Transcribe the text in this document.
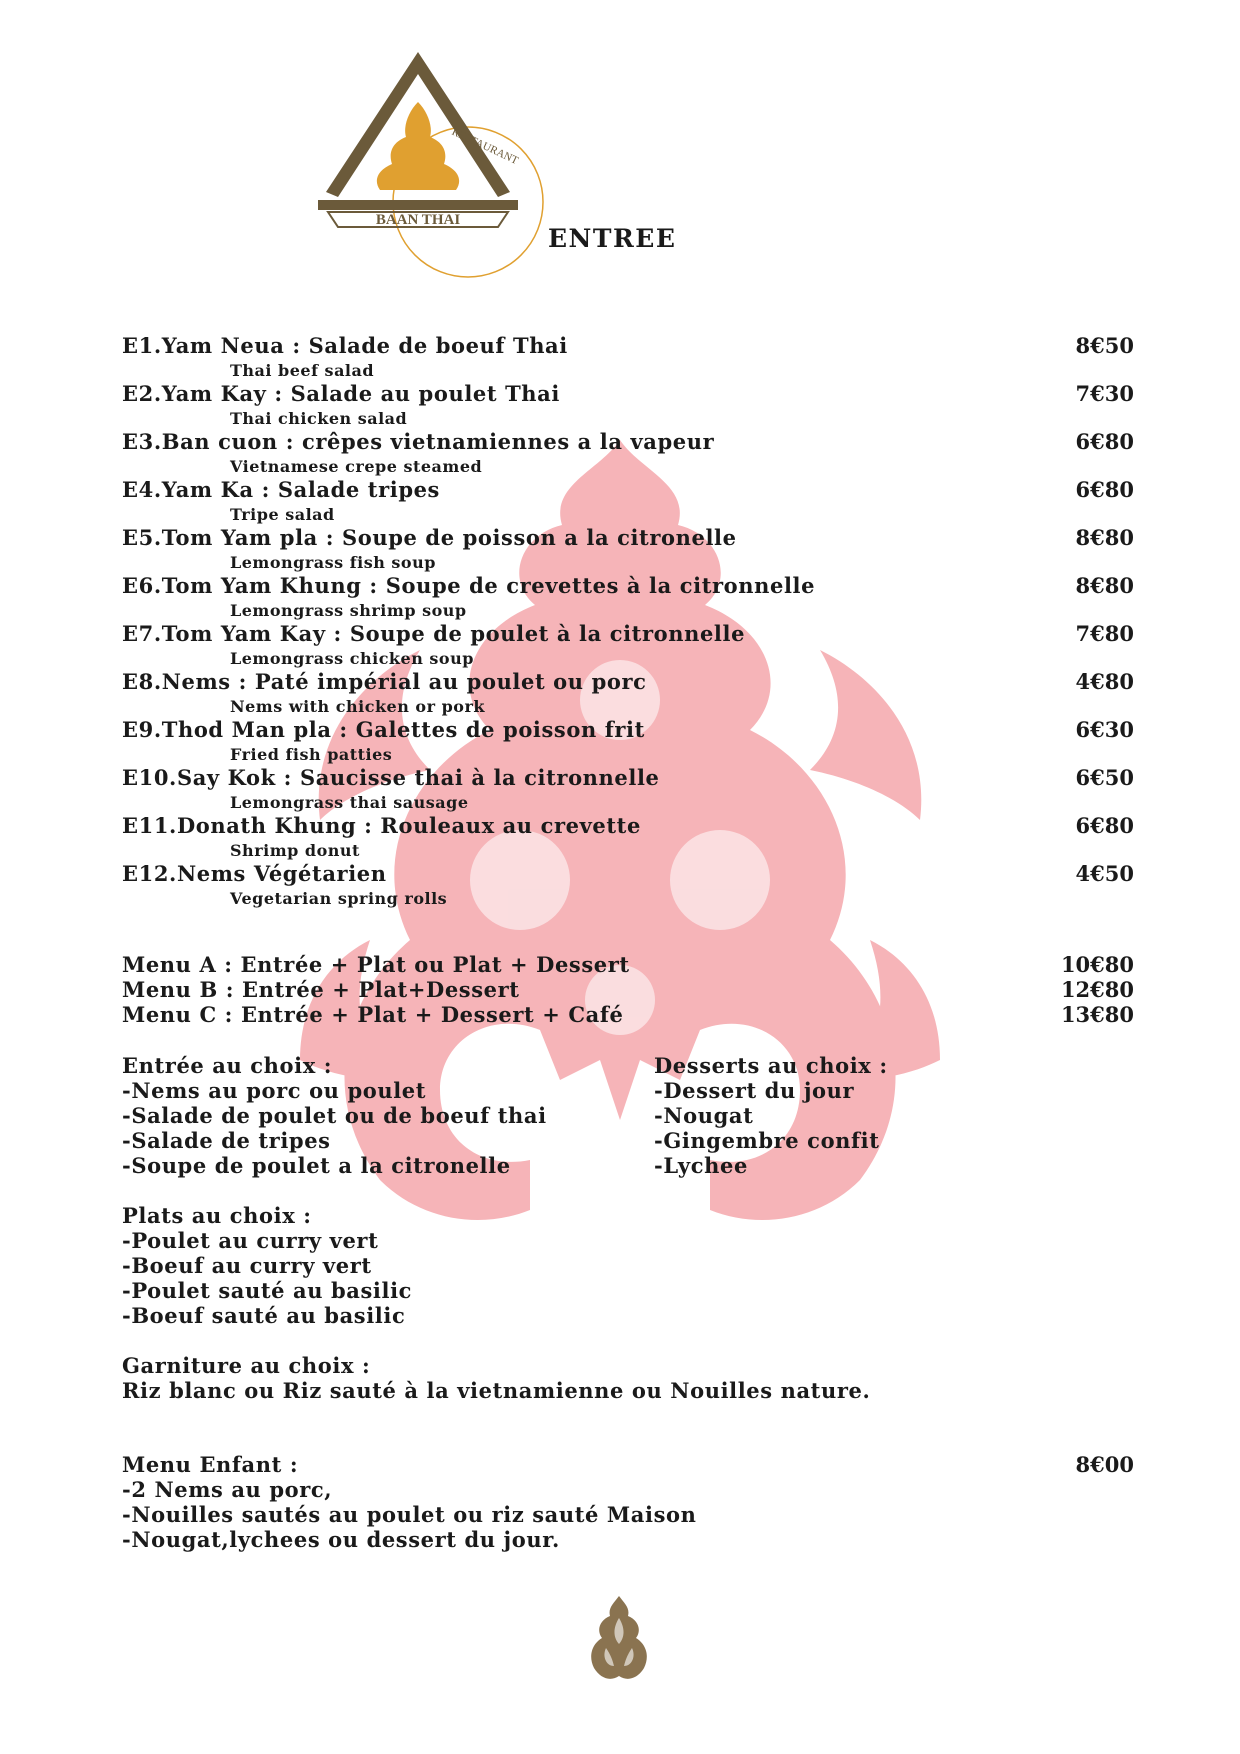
BAAN THAI
RESTAURANT
ENTREE
E1.Yam Neua : Salade de boeuf Thai
Thai beef salad
8€50
E2.Yam Kay : Salade au poulet Thai
Thai chicken salad
7€30
E3.Ban cuon : crêpes vietnamiennes a la vapeur
Vietnamese crepe steamed
6€80
E4.Yam Ka : Salade tripes
Tripe salad
6€80
E5.Tom Yam pla : Soupe de poisson a la citronelle
Lemongrass fish soup
8€80
E6.Tom Yam Khung : Soupe de crevettes à la citronnelle
Lemongrass shrimp soup
8€80
E7.Tom Yam Kay : Soupe de poulet à la citronnelle
Lemongrass chicken soup
7€80
E8.Nems : Paté impérial au poulet ou porc
Nems with chicken or pork
4€80
E9.Thod Man pla : Galettes de poisson frit
Fried fish patties
6€30
E10.Say Kok : Saucisse thai à la citronnelle
Lemongrass thai sausage
6€50
E11.Donath Khung : Rouleaux au crevette
Shrimp donut
6€80
E12.Nems Végétarien
Vegetarian spring rolls
4€50
Menu A : Entrée + Plat ou Plat + Dessert	10€80
Menu B : Entrée + Plat+Dessert	12€80
Menu C : Entrée + Plat + Dessert + Café	13€80
Entrée au choix :
-Nems au porc ou poulet
-Salade de poulet ou de boeuf thai
-Salade de tripes
-Soupe de poulet a la citronelle
Desserts au choix :
-Dessert du jour
-Nougat
-Gingembre confit
-Lychee
Plats au choix :
-Poulet au curry vert
-Boeuf au curry vert
-Poulet sauté au basilic
-Boeuf sauté au basilic
Garniture au choix :
Riz blanc ou Riz sauté à la vietnamienne ou Nouilles nature.
Menu Enfant :	8€00
-2 Nems au porc,
-Nouilles sautés au poulet ou riz sauté Maison
-Nougat,lychees ou dessert du jour.
